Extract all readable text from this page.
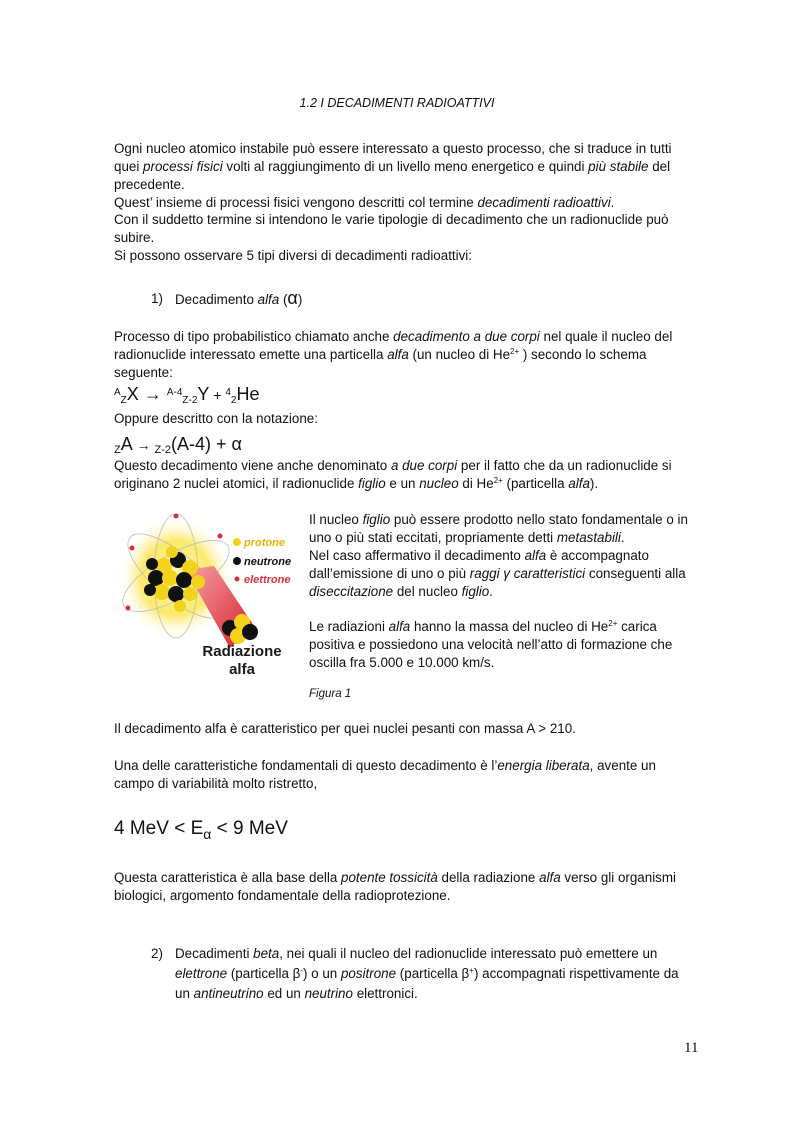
1.2 I DECADIMENTI RADIOATTIVI
Ogni nucleo atomico instabile può essere interessato a questo processo, che si traduce in tutti
quei processi fisici volti al raggiungimento di un livello meno energetico e quindi più stabile del
precedente.
Quest’ insieme di processi fisici vengono descritti col termine decadimenti radioattivi.
Con il suddetto termine si intendono le varie tipologie di decadimento che un radionuclide può
subire.
Si possono osservare 5 tipi diversi di decadimenti radioattivi:
1) Decadimento alfa (α)
Processo di tipo probabilistico chiamato anche decadimento a due corpi nel quale il nucleo del
radionuclide interessato emette una particella alfa (un nucleo di $He^{2+}$ ) secondo lo schema
seguente:
$^A$ZX → $^{A-4}$Z-2Y + $^4$2He
Oppure descritto con la notazione:
$_Z$A → $_{Z-2}$(A-4) + α
Questo decadimento viene anche denominato a due corpi per il fatto che da un radionuclide si
originano 2 nuclei atomici, il radionuclide figlio e un nucleo di $He^{2+}$ (particella alfa).
protone
neutrone
elettrone
Radiazione
alfa
Il nucleo figlio può essere prodotto nello stato fondamentale o in
uno o più stati eccitati, propriamente detti metastabili.
Nel caso affermativo il decadimento alfa è accompagnato
dall’emissione di uno o più raggi γ caratteristici conseguenti alla
diseccitazione del nucleo figlio.
Le radiazioni alfa hanno la massa del nucleo di $He^{2+}$ carica
positiva e possiedono una velocità nell’atto di formazione che
oscilla fra 5.000 e 10.000 km/s.
Figura 1
Il decadimento alfa è caratteristico per quei nuclei pesanti con massa A > 210.
Una delle caratteristiche fondamentali di questo decadimento è l’energia liberata, avente un
campo di variabilità molto ristretto,
4 MeV < $E_\alpha < 9$ MeV
Questa caratteristica è alla base della potente tossicità della radiazione alfa verso gli organismi
biologici, argomento fondamentale della radioprotezione.
2) Decadimenti beta, nei quali il nucleo del radionuclide interessato può emettere un
elettrone (particella β-) o un positrone (particella β+) accompagnati rispettivamente da
un antineutrino ed un neutrino elettronici.
11
